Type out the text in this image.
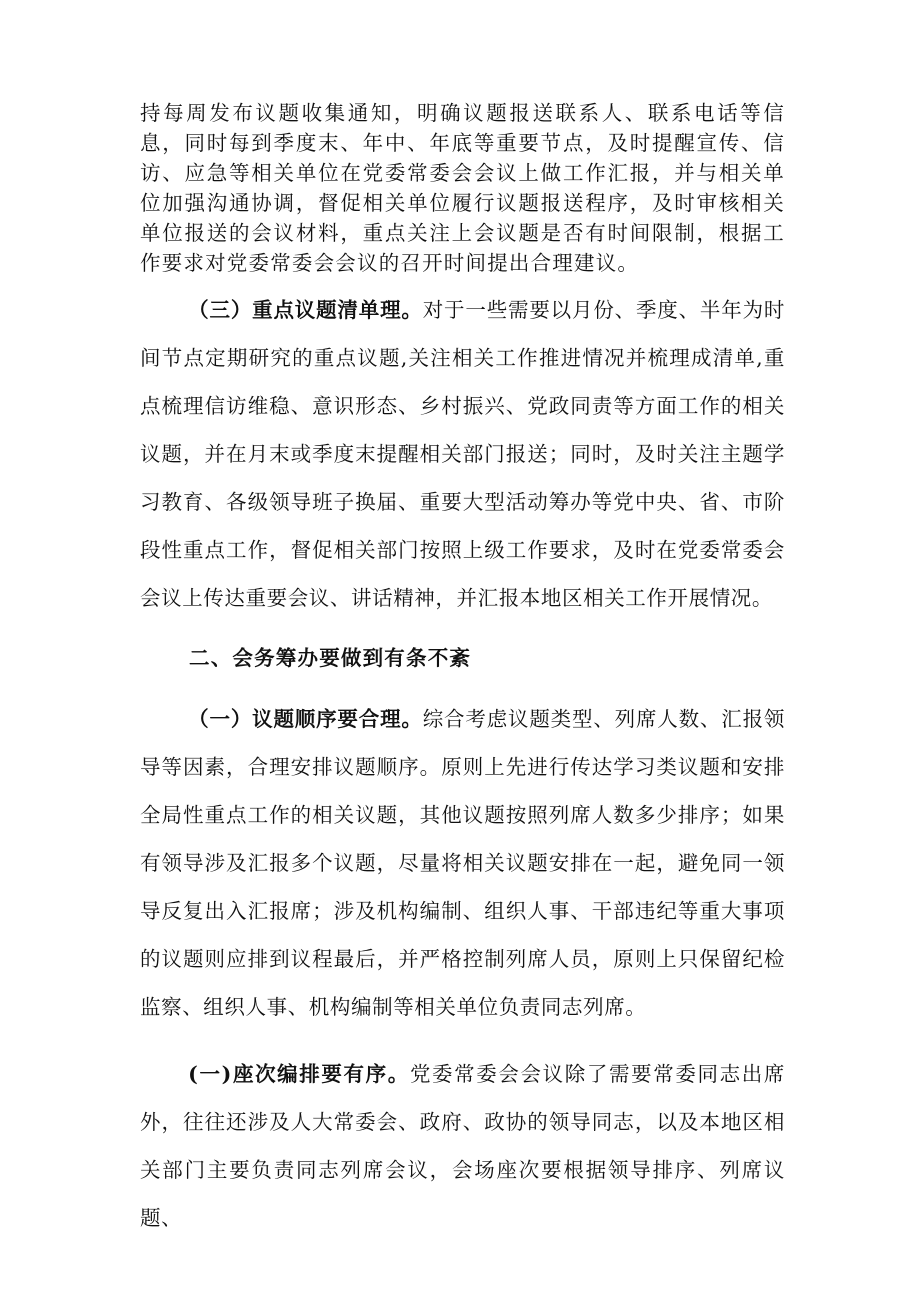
持每周发布议题收集通知，明确议题报送联系人、联系电话等信息，同时每到季度末、年中、年底等重要节点，及时提醒宣传、信访、应急等相关单位在党委常委会会议上做工作汇报，并与相关单位加强沟通协调，督促相关单位履行议题报送程序，及时审核相关单位报送的会议材料，重点关注上会议题是否有时间限制，根据工作要求对党委常委会会议的召开时间提出合理建议。

（三）重点议题清单理。对于一些需要以月份、季度、半年为时间节点定期研究的重点议题,关注相关工作推进情况并梳理成清单,重点梳理信访维稳、意识形态、乡村振兴、党政同责等方面工作的相关议题，并在月末或季度末提醒相关部门报送；同时，及时关注主题学习教育、各级领导班子换届、重要大型活动筹办等党中央、省、市阶段性重点工作，督促相关部门按照上级工作要求，及时在党委常委会会议上传达重要会议、讲话精神，并汇报本地区相关工作开展情况。

二、会务筹办要做到有条不紊

（一）议题顺序要合理。综合考虑议题类型、列席人数、汇报领导等因素，合理安排议题顺序。原则上先进行传达学习类议题和安排全局性重点工作的相关议题，其他议题按照列席人数多少排序；如果有领导涉及汇报多个议题，尽量将相关议题安排在一起，避免同一领导反复出入汇报席；涉及机构编制、组织人事、干部违纪等重大事项的议题则应排到议程最后，并严格控制列席人员，原则上只保留纪检监察、组织人事、机构编制等相关单位负责同志列席。

(一)座次编排要有序。党委常委会会议除了需要常委同志出席外，往往还涉及人大常委会、政府、政协的领导同志，以及本地区相关部门主要负责同志列席会议，会场座次要根据领导排序、列席议题、
